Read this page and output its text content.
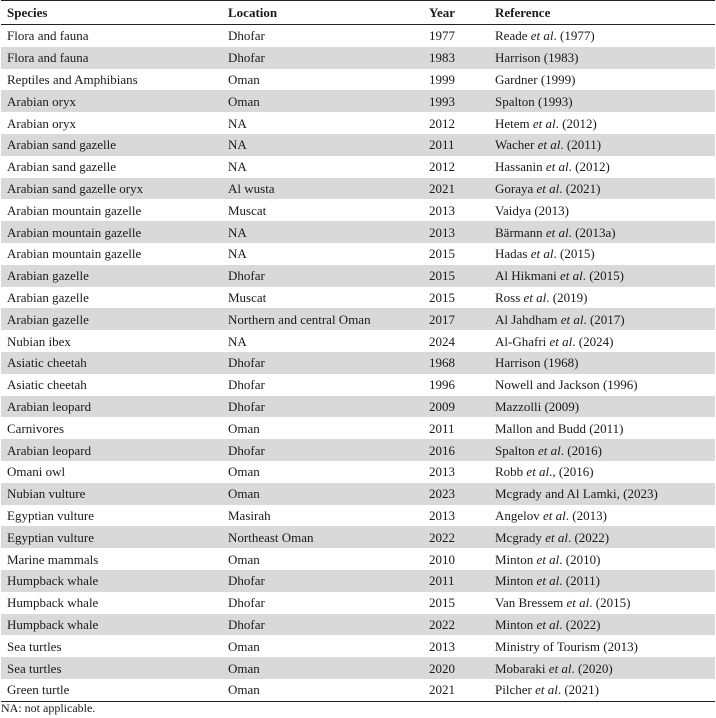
Species	Location	Year	Reference
Flora and fauna	Dhofar	1977	Reade et al. (1977)
Flora and fauna	Dhofar	1983	Harrison (1983)
Reptiles and Amphibians	Oman	1999	Gardner (1999)
Arabian oryx	Oman	1993	Spalton (1993)
Arabian oryx	NA	2012	Hetem et al. (2012)
Arabian sand gazelle	NA	2011	Wacher et al. (2011)
Arabian sand gazelle	NA	2012	Hassanin et al. (2012)
Arabian sand gazelle oryx	Al wusta	2021	Goraya et al. (2021)
Arabian mountain gazelle	Muscat	2013	Vaidya (2013)
Arabian mountain gazelle	NA	2013	Bärmann et al. (2013a)
Arabian mountain gazelle	NA	2015	Hadas et al. (2015)
Arabian gazelle	Dhofar	2015	Al Hikmani et al. (2015)
Arabian gazelle	Muscat	2015	Ross et al. (2019)
Arabian gazelle	Northern and central Oman	2017	Al Jahdham et al. (2017)
Nubian ibex	NA	2024	Al-Ghafri et al. (2024)
Asiatic cheetah	Dhofar	1968	Harrison (1968)
Asiatic cheetah	Dhofar	1996	Nowell and Jackson (1996)
Arabian leopard	Dhofar	2009	Mazzolli (2009)
Carnivores	Oman	2011	Mallon and Budd (2011)
Arabian leopard	Dhofar	2016	Spalton et al. (2016)
Omani owl	Oman	2013	Robb et al., (2016)
Nubian vulture	Oman	2023	Mcgrady and Al Lamki, (2023)
Egyptian vulture	Masirah	2013	Angelov et al. (2013)
Egyptian vulture	Northeast Oman	2022	Mcgrady et al. (2022)
Marine mammals	Oman	2010	Minton et al. (2010)
Humpback whale	Dhofar	2011	Minton et al. (2011)
Humpback whale	Dhofar	2015	Van Bressem et al. (2015)
Humpback whale	Dhofar	2022	Minton et al. (2022)
Sea turtles	Oman	2013	Ministry of Tourism (2013)
Sea turtles	Oman	2020	Mobaraki et al. (2020)
Green turtle	Oman	2021	Pilcher et al. (2021)
NA: not applicable.
